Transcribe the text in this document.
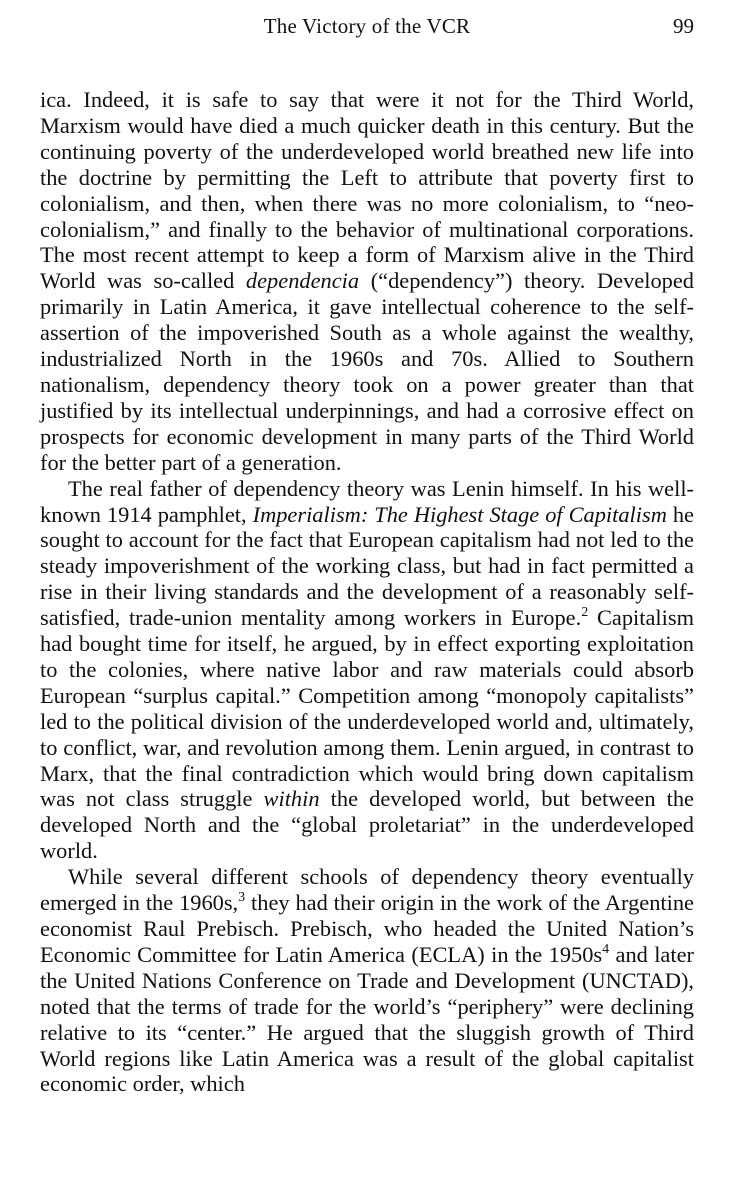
The Victory of the VCR	99

ica. Indeed, it is safe to say that were it not for the Third World, Marxism would have died a much quicker death in this century. But the continuing poverty of the underdeveloped world breathed new life into the doctrine by permitting the Left to attribute that poverty first to colonialism, and then, when there was no more colonialism, to “neo-colonialism,” and finally to the behavior of multinational corporations. The most recent attempt to keep a form of Marxism alive in the Third World was so-called dependencia (“dependency”) theory. Developed primarily in Latin America, it gave intellectual coherence to the self-assertion of the impoverished South as a whole against the wealthy, industrialized North in the 1960s and 70s. Allied to Southern nationalism, dependency theory took on a power greater than that justified by its intellectual underpinnings, and had a corrosive effect on prospects for economic development in many parts of the Third World for the better part of a generation.

The real father of dependency theory was Lenin himself. In his well-known 1914 pamphlet, Imperialism: The Highest Stage of Capitalism he sought to account for the fact that European capitalism had not led to the steady impoverishment of the working class, but had in fact permitted a rise in their living standards and the development of a reasonably self-satisfied, trade-union mentality among workers in Europe.$^2$ Capitalism had bought time for itself, he argued, by in effect exporting exploitation to the colonies, where native labor and raw materials could absorb European “surplus capital.” Competition among “monopoly capitalists” led to the political division of the underdeveloped world and, ultimately, to conflict, war, and revolution among them. Lenin argued, in contrast to Marx, that the final contradiction which would bring down capitalism was not class struggle within the developed world, but between the developed North and the “global proletariat” in the underdeveloped world.

While several different schools of dependency theory eventually emerged in the 1960s,$^3$ they had their origin in the work of the Argentine economist Raul Prebisch. Prebisch, who headed the United Nation’s Economic Committee for Latin America (ECLA) in the $1950s^4$ and later the United Nations Conference on Trade and Development (UNCTAD), noted that the terms of trade for the world’s “periphery” were declining relative to its “center.” He argued that the sluggish growth of Third World regions like Latin America was a result of the global capitalist economic order, which
